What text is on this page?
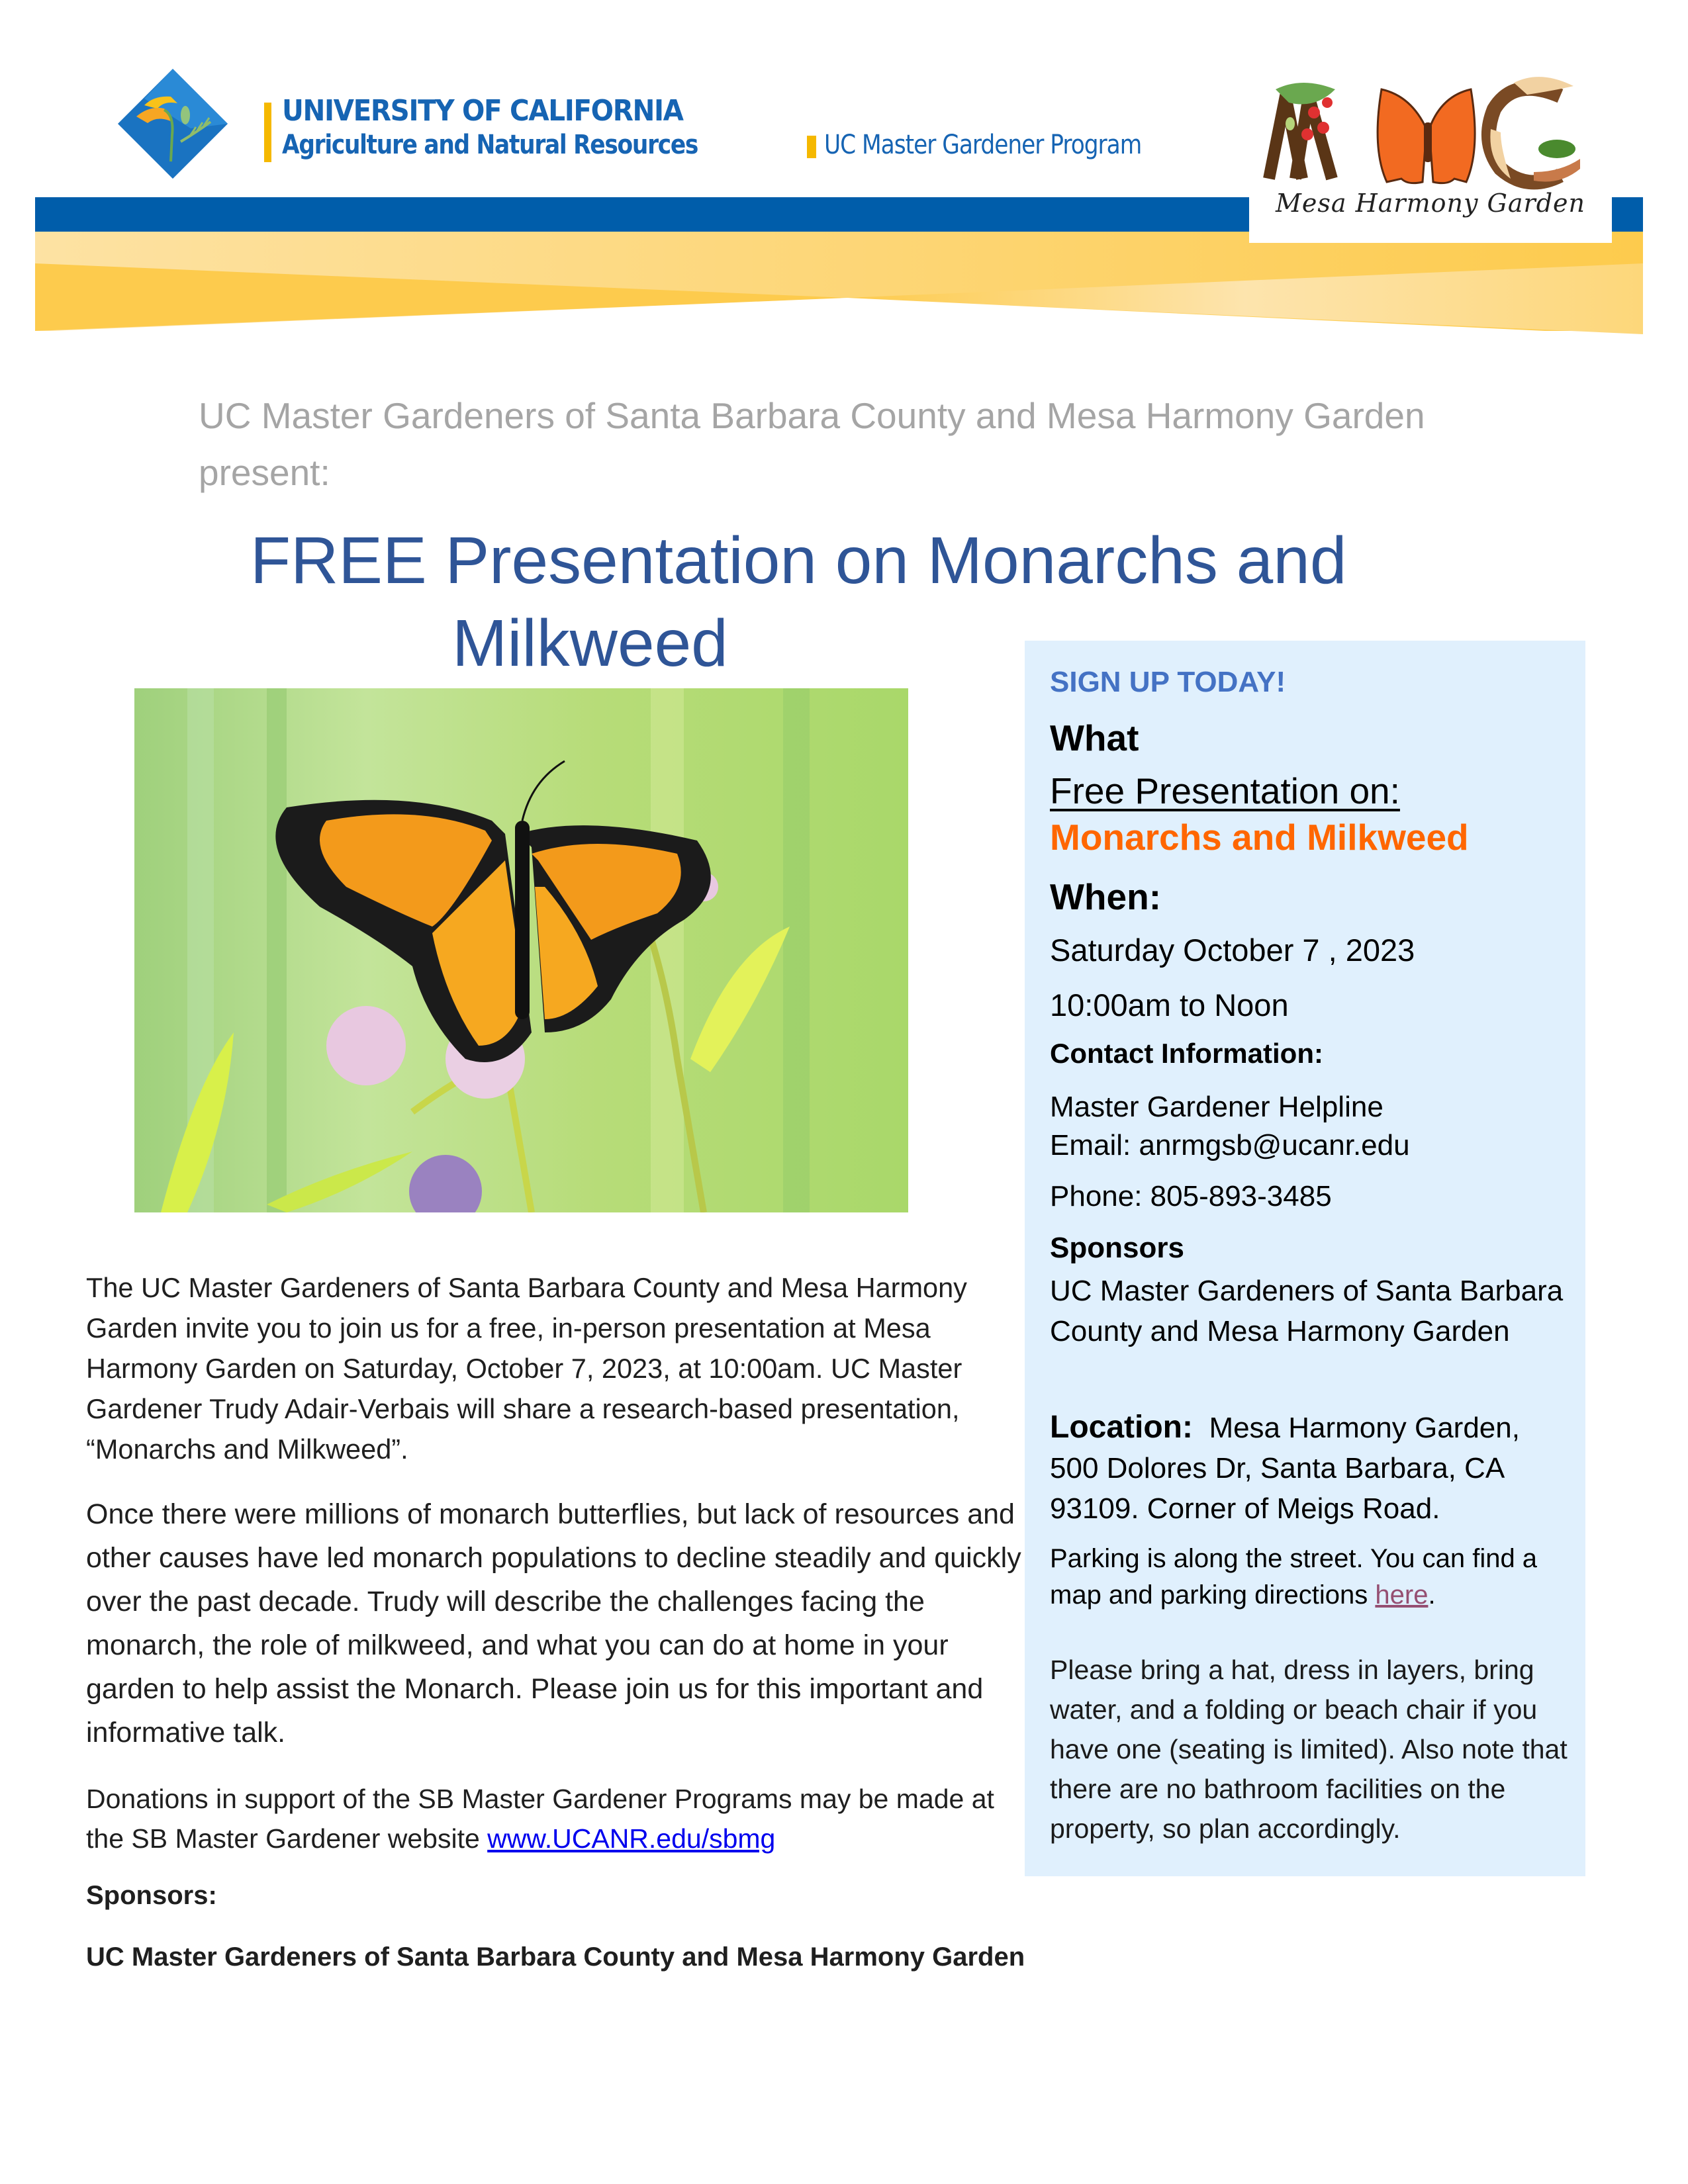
UNIVERSITY OF CALIFORNIA
Agriculture and Natural Resources	UC Master Gardener Program
Mesa Harmony Garden
UC Master Gardeners of Santa Barbara County and Mesa Harmony Garden present:
FREE Presentation on Monarchs and
Milkweed
The UC Master Gardeners of Santa Barbara County and Mesa Harmony Garden invite you to join us for a free, in-person presentation at Mesa Harmony Garden on Saturday, October 7, 2023, at 10:00am. UC Master Gardener Trudy Adair-Verbais will share a research-based presentation, “Monarchs and Milkweed”.
Once there were millions of monarch butterflies, but lack of resources and other causes have led monarch populations to decline steadily and quickly over the past decade. Trudy will describe the challenges facing the monarch, the role of milkweed, and what you can do at home in your garden to help assist the Monarch. Please join us for this important and informative talk.
Donations in support of the SB Master Gardener Programs may be made at the SB Master Gardener website www.UCANR.edu/sbmg
Sponsors:
UC Master Gardeners of Santa Barbara County and Mesa Harmony Garden
SIGN UP TODAY!
What
Free Presentation on:
Monarchs and Milkweed
When:
Saturday October 7 , 2023
10:00am to Noon
Contact Information:
Master Gardener Helpline
Email: anrmgsb@ucanr.edu
Phone: 805-893-3485
Sponsors
UC Master Gardeners of Santa Barbara County and Mesa Harmony Garden
Location: Mesa Harmony Garden, 500 Dolores Dr, Santa Barbara, CA 93109. Corner of Meigs Road.
Parking is along the street. You can find a map and parking directions here.
Please bring a hat, dress in layers, bring water, and a folding or beach chair if you have one (seating is limited). Also note that there are no bathroom facilities on the property, so plan accordingly.
